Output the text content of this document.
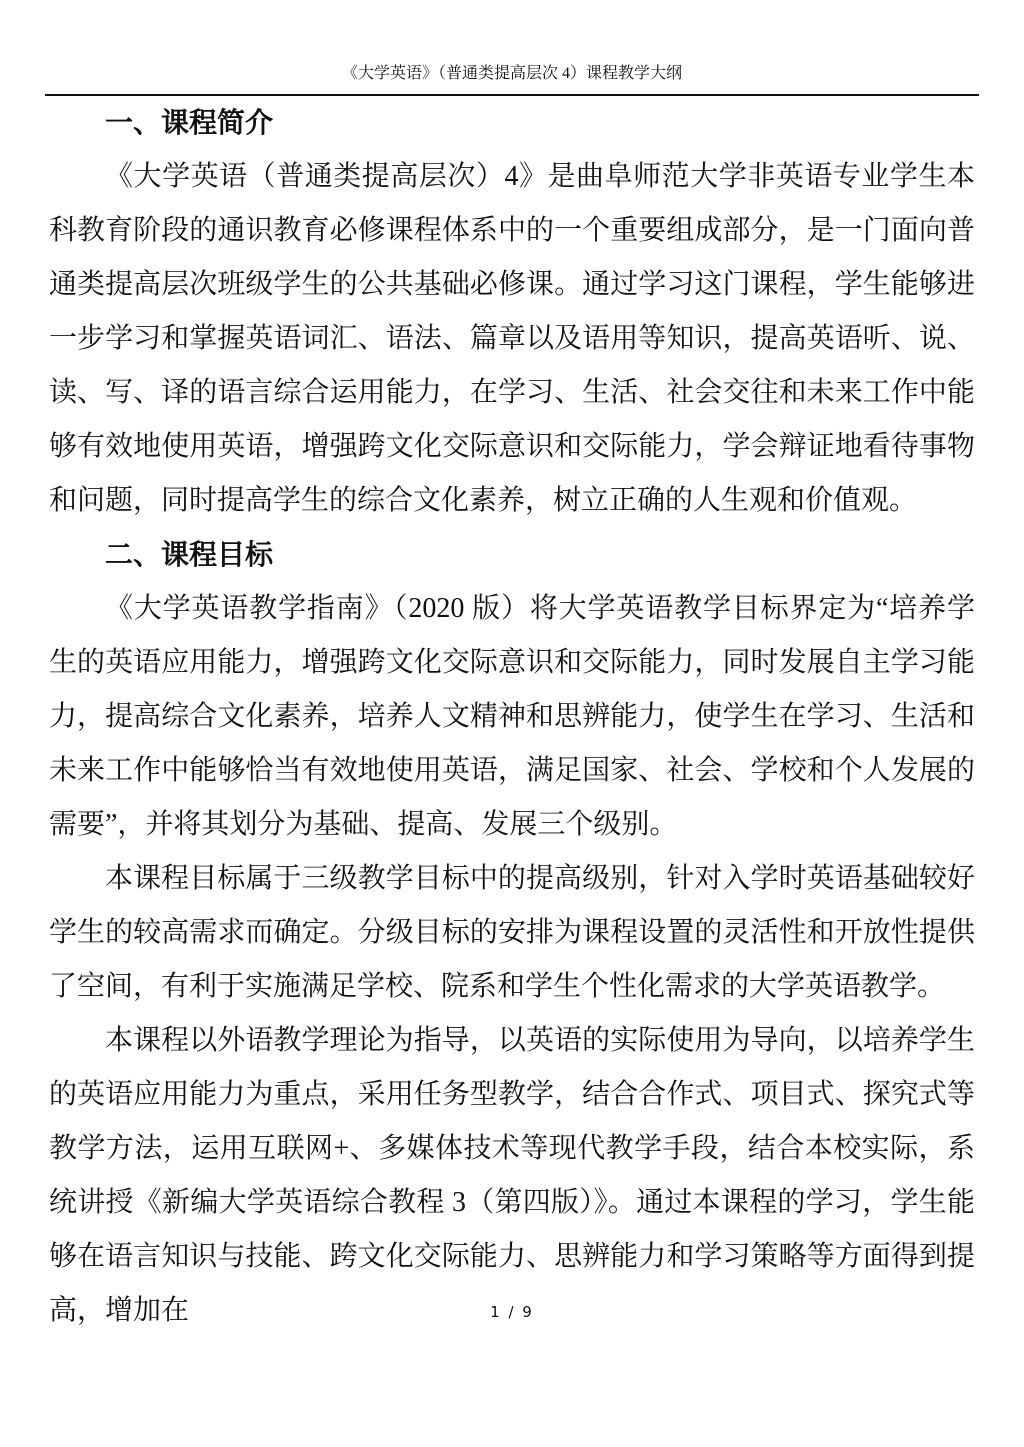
《大学英语》（普通类提高层次 4）课程教学大纲
一、课程简介

《大学英语（普通类提高层次）4》是曲阜师范大学非英语专业学生本科教育阶段的通识教育必修课程体系中的一个重要组成部分，是一门面向普通类提高层次班级学生的公共基础必修课。通过学习这门课程，学生能够进一步学习和掌握英语词汇、语法、篇章以及语用等知识，提高英语听、说、读、写、译的语言综合运用能力，在学习、生活、社会交往和未来工作中能够有效地使用英语，增强跨文化交际意识和交际能力，学会辩证地看待事物和问题，同时提高学生的综合文化素养，树立正确的人生观和价值观。

二、课程目标

《大学英语教学指南》（2020 版）将大学英语教学目标界定为“培养学生的英语应用能力，增强跨文化交际意识和交际能力，同时发展自主学习能力，提高综合文化素养，培养人文精神和思辨能力，使学生在学习、生活和未来工作中能够恰当有效地使用英语，满足国家、社会、学校和个人发展的需要”，并将其划分为基础、提高、发展三个级别。

本课程目标属于三级教学目标中的提高级别，针对入学时英语基础较好学生的较高需求而确定。分级目标的安排为课程设置的灵活性和开放性提供了空间，有利于实施满足学校、院系和学生个性化需求的大学英语教学。

本课程以外语教学理论为指导，以英语的实际使用为导向，以培养学生的英语应用能力为重点，采用任务型教学，结合合作式、项目式、探究式等教学方法，运用互联网+、多媒体技术等现代教学手段，结合本校实际，系统讲授《新编大学英语综合教程 3（第四版）》。通过本课程的学习，学生能够在语言知识与技能、跨文化交际能力、思辨能力和学习策略等方面得到提高，增加在	1 / 9
